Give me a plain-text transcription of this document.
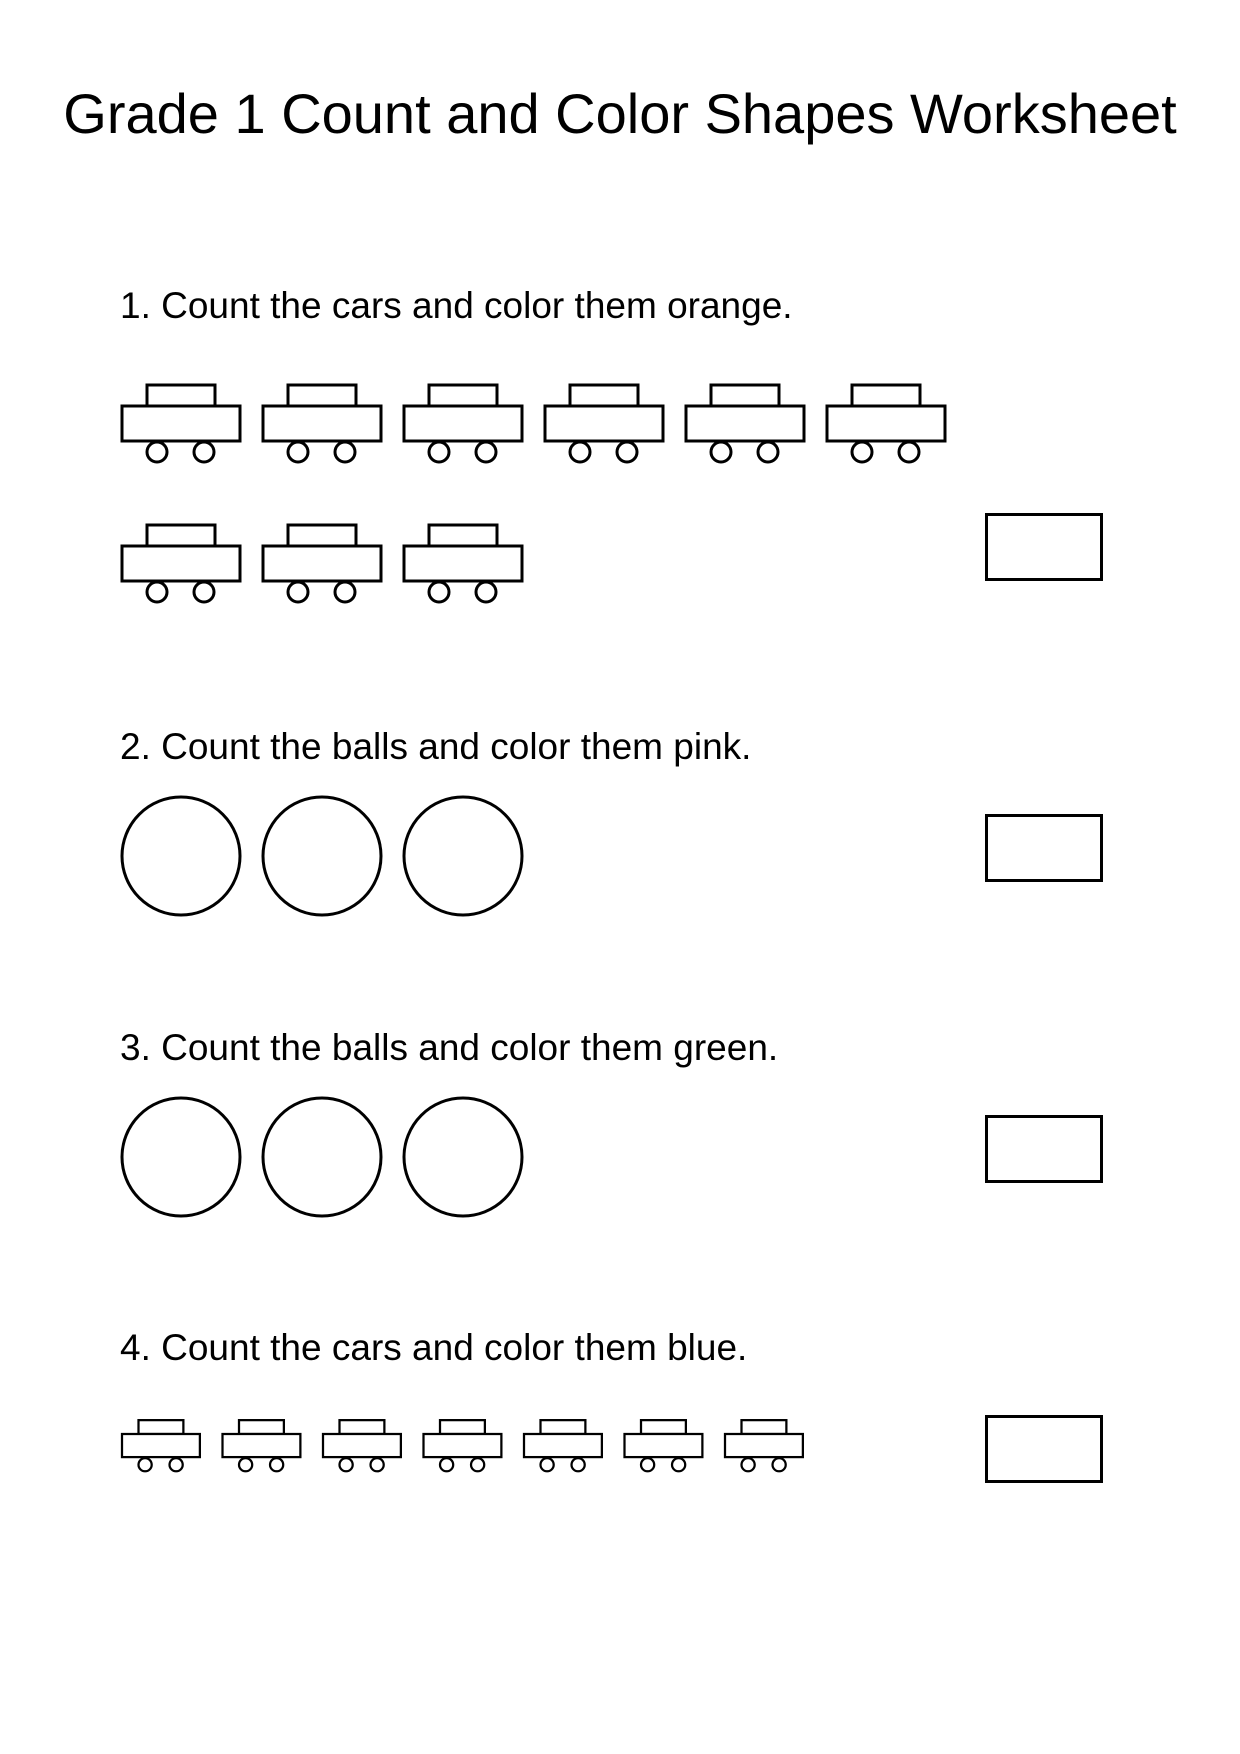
Grade 1 Count and Color Shapes Worksheet

1. Count the cars and color them orange.

2. Count the balls and color them pink.

3. Count the balls and color them green.

4. Count the cars and color them blue.
